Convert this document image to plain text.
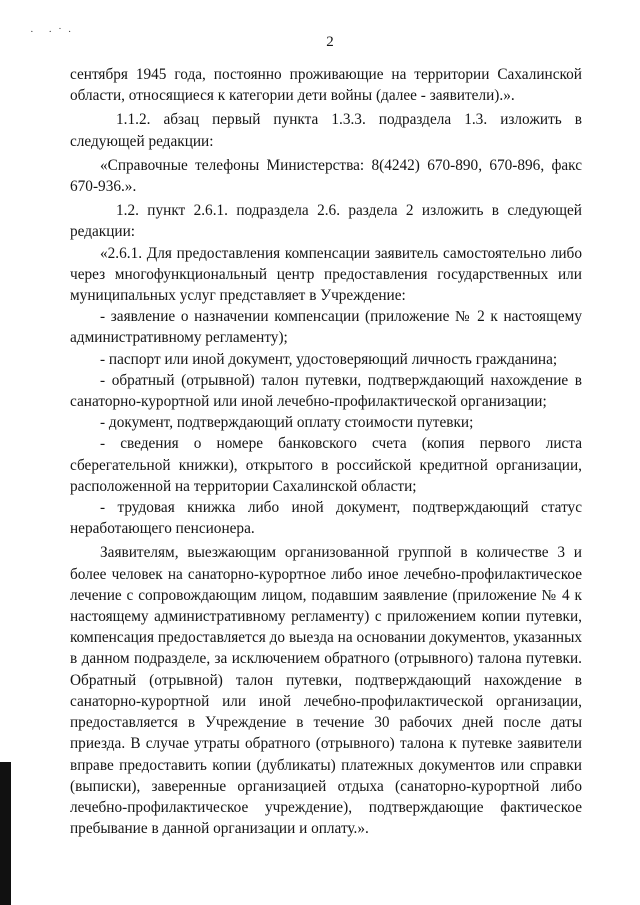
· ·˙·
2

сентября 1945 года, постоянно проживающие на территории Сахалинской области, относящиеся к категории дети войны (далее - заявители).».

1.1.2. абзац первый пункта 1.3.3. подраздела 1.3. изложить в следующей редакции:

«Справочные телефоны Министерства: 8(4242) 670-890, 670-896, факс 670-936.».

1.2. пункт 2.6.1. подраздела 2.6. раздела 2 изложить в следующей редакции:

«2.6.1. Для предоставления компенсации заявитель самостоятельно либо через многофункциональный центр предоставления государственных или муниципальных услуг представляет в Учреждение:

- заявление о назначении компенсации (приложение № 2 к настоящему административному регламенту);

- паспорт или иной документ, удостоверяющий личность гражданина;

- обратный (отрывной) талон путевки, подтверждающий нахождение в санаторно-курортной или иной лечебно-профилактической организации;

- документ, подтверждающий оплату стоимости путевки;

- сведения о номере банковского счета (копия первого листа сберегательной книжки), открытого в российской кредитной организации, расположенной на территории Сахалинской области;

- трудовая книжка либо иной документ, подтверждающий статус неработающего пенсионера.

Заявителям, выезжающим организованной группой в количестве 3 и более человек на санаторно-курортное либо иное лечебно-профилактическое лечение с сопровождающим лицом, подавшим заявление (приложение № 4 к настоящему административному регламенту) с приложением копии путевки, компенсация предоставляется до выезда на основании документов, указанных в данном подразделе, за исключением обратного (отрывного) талона путевки. Обратный (отрывной) талон путевки, подтверждающий нахождение в санаторно-курортной или иной лечебно-профилактической организации, предоставляется в Учреждение в течение 30 рабочих дней после даты приезда. В случае утраты обратного (отрывного) талона к путевке заявители вправе предоставить копии (дубликаты) платежных документов или справки (выписки), заверенные организацией отдыха (санаторно-курортной либо лечебно-профилактическое учреждение), подтверждающие фактическое пребывание в данной организации и оплату.».
